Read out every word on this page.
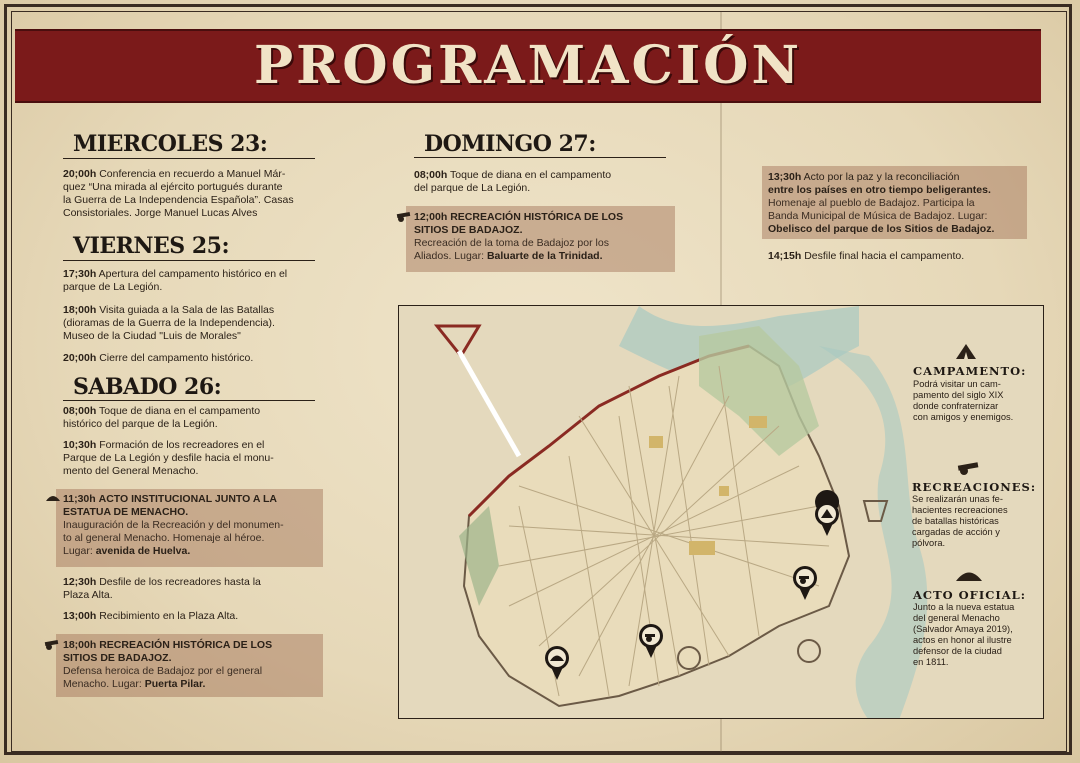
PROGRAMACIÓN
MIERCOLES 23:
20;00h Conferencia en recuerdo a Manuel Már-
quez “Una mirada al ejército portugués durante
la Guerra de La Independencia Española”. Casas
Consistoriales. Jorge Manuel Lucas Alves
VIERNES 25:
17;30h Apertura del campamento histórico en el
parque de La Legión.
18;00h Visita guiada a la Sala de las Batallas
(dioramas de la Guerra de la Independencia).
Museo de la Ciudad "Luis de Morales"
20;00h Cierre del campamento histórico.
SABADO 26:
08;00h Toque de diana en el campamento
histórico del parque de la Legión.
10;30h Formación de los recreadores en el
Parque de La Legión y desfile hacia el monu-
mento del General Menacho.
11;30h ACTO INSTITUCIONAL JUNTO A LA
ESTATUA DE MENACHO.
Inauguración de la Recreación y del monumen-
to al general Menacho. Homenaje al héroe.
Lugar: avenida de Huelva.
12;30h Desfile de los recreadores hasta la
Plaza Alta.
13;00h Recibimiento en la Plaza Alta.
18;00h RECREACIÓN HISTÓRICA DE LOS
SITIOS DE BADAJOZ.
Defensa heroica de Badajoz por el general
Menacho. Lugar: Puerta Pilar.
DOMINGO 27:
08;00h Toque de diana en el campamento
del parque de La Legión.
12;00h RECREACIÓN HISTÓRICA DE LOS
SITIOS DE BADAJOZ.
Recreación de la toma de Badajoz por los
Aliados. Lugar: Baluarte de la Trinidad.
13;30h Acto por la paz y la reconciliación
entre los países en otro tiempo beligerantes.
Homenaje al pueblo de Badajoz. Participa la
Banda Municipal de Música de Badajoz. Lugar:
Obelisco del parque de los Sitios de Badajoz.
14;15h Desfile final hacia el campamento.
CAMPAMENTO:
Podrá visitar un cam-
pamento del siglo XIX
donde confraternizar
con amigos y enemigos.
RECREACIONES:
Se realizarán unas fe-
hacientes recreaciones
de batallas históricas
cargadas de acción y
pólvora.
ACTO OFICIAL:
Junto a la nueva estatua
del general Menacho
(Salvador Amaya 2019),
actos en honor al ilustre
defensor de la ciudad
en 1811.
